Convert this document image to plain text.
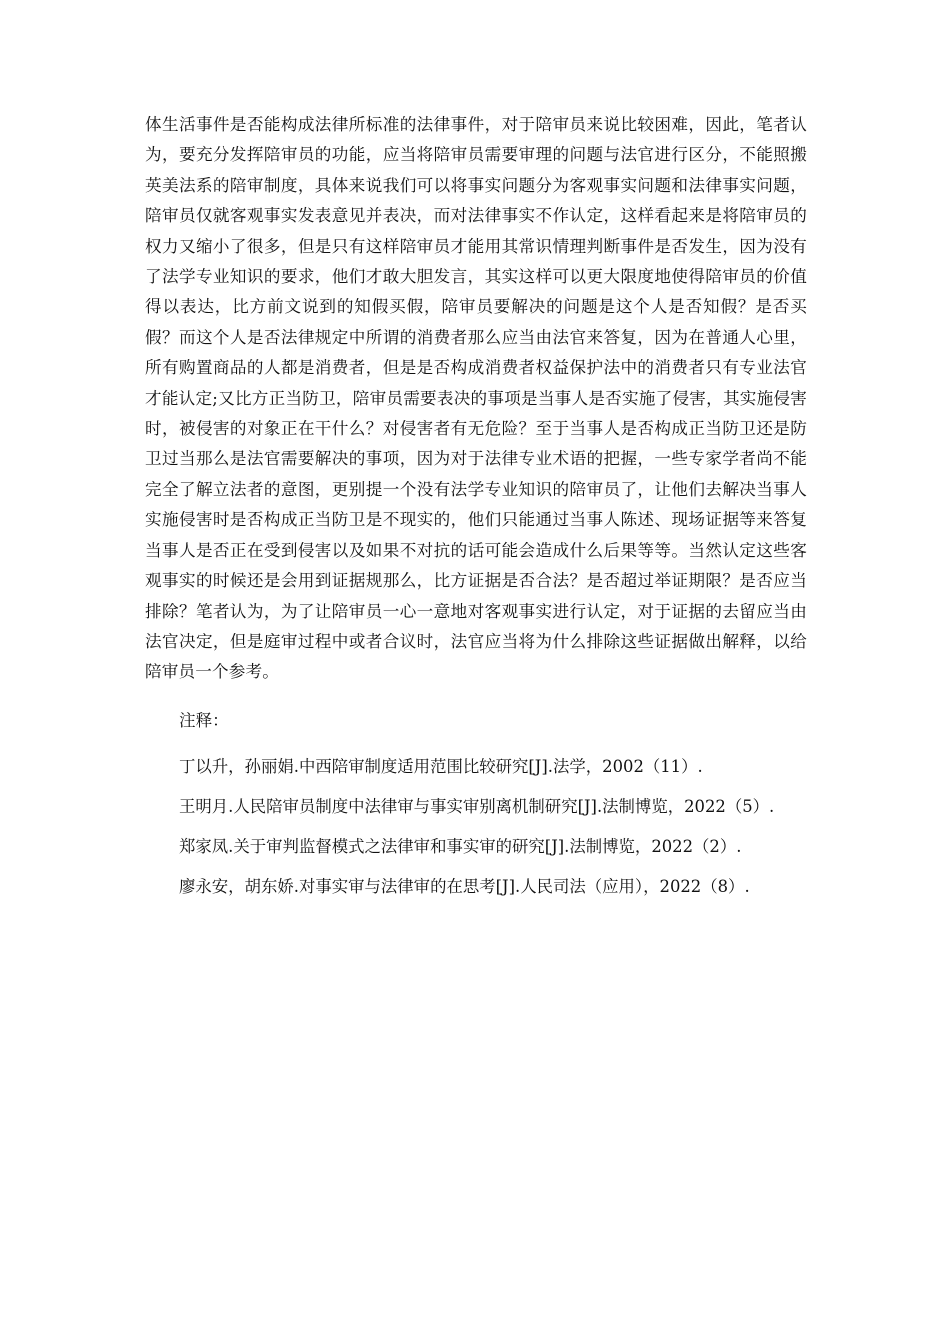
体生活事件是否能构成法律所标准的法律事件，对于陪审员来说比较困难，因此，笔者认为，要充分发挥陪审员的功能，应当将陪审员需要审理的问题与法官进行区分，不能照搬英美法系的陪审制度，具体来说我们可以将事实问题分为客观事实问题和法律事实问题，陪审员仅就客观事实发表意见并表决，而对法律事实不作认定，这样看起来是将陪审员的权力又缩小了很多，但是只有这样陪审员才能用其常识情理判断事件是否发生，因为没有了法学专业知识的要求，他们才敢大胆发言，其实这样可以更大限度地使得陪审员的价值得以表达，比方前文说到的知假买假，陪审员要解决的问题是这个人是否知假？是否买假？而这个人是否法律规定中所谓的消费者那么应当由法官来答复，因为在普通人心里，所有购置商品的人都是消费者，但是是否构成消费者权益保护法中的消费者只有专业法官才能认定;又比方正当防卫，陪审员需要表决的事项是当事人是否实施了侵害，其实施侵害时，被侵害的对象正在干什么？对侵害者有无危险？至于当事人是否构成正当防卫还是防卫过当那么是法官需要解决的事项，因为对于法律专业术语的把握，一些专家学者尚不能完全了解立法者的意图，更别提一个没有法学专业知识的陪审员了，让他们去解决当事人实施侵害时是否构成正当防卫是不现实的，他们只能通过当事人陈述、现场证据等来答复当事人是否正在受到侵害以及如果不对抗的话可能会造成什么后果等等。当然认定这些客观事实的时候还是会用到证据规那么，比方证据是否合法？是否超过举证期限？是否应当排除？笔者认为，为了让陪审员一心一意地对客观事实进行认定，对于证据的去留应当由法官决定，但是庭审过程中或者合议时，法官应当将为什么排除这些证据做出解释，以给陪审员一个参考。

注释：

丁以升，孙丽娟.中西陪审制度适用范围比较研究[J].法学，2002（11）.
王明月.人民陪审员制度中法律审与事实审别离机制研究[J].法制博览，2022（5）.
郑家凤.关于审判监督模式之法律审和事实审的研究[J].法制博览，2022（2）.
廖永安，胡东娇.对事实审与法律审的在思考[J].人民司法（应用），2022（8）.
